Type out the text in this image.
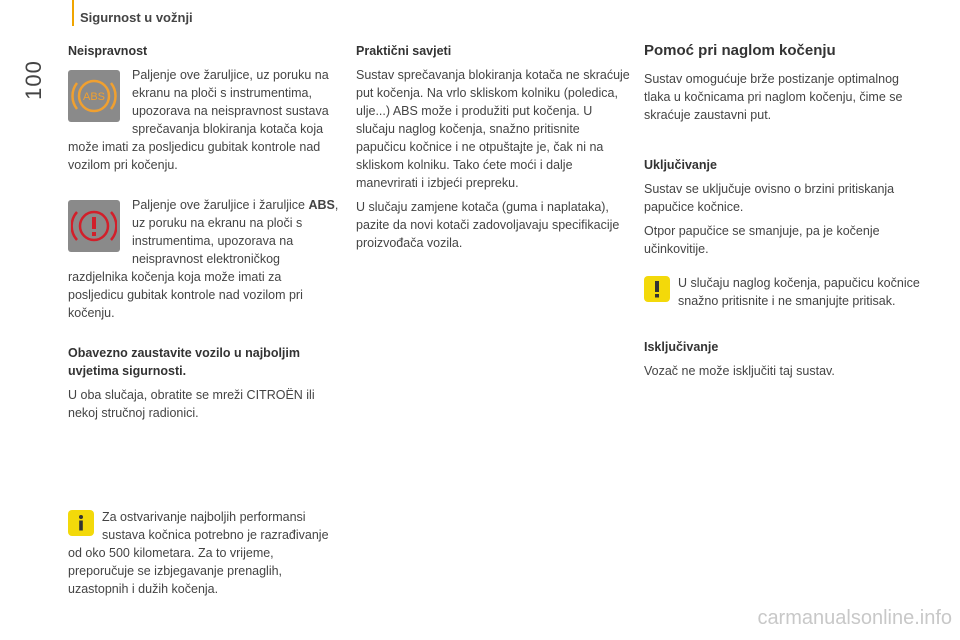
100
Sigurnost u vožnji
Neispravnost
ABS

Paljenje ove žaruljice, uz poruku na ekranu na ploči s instrumentima, upozorava na neispravnost sustava sprečavanja blokiranja kotača koja može imati za posljedicu gubitak kontrole nad vozilom pri kočenju.

Paljenje ove žaruljice i žaruljice ABS, uz poruku na ekranu na ploči s instrumentima, upozorava na neispravnost elektroničkog razdjelnika kočenja koja može imati za posljedicu gubitak kontrole nad vozilom pri kočenju.

Obavezno zaustavite vozilo u najboljim uvjetima sigurnosti.

U oba slučaja, obratite se mreži CITROËN ili nekoj stručnoj radionici.

Za ostvarivanje najboljih performansi sustava kočnica potrebno je razrađivanje od oko 500 kilometara. Za to vrijeme, preporučuje se izbjegavanje prenaglih, uzastopnih i dužih kočenja.

Praktični savjeti

Sustav sprečavanja blokiranja kotača ne skraćuje put kočenja. Na vrlo skliskom kolniku (poledica, ulje...) ABS može i produžiti put kočenja. U slučaju naglog kočenja, snažno pritisnite papučicu kočnice i ne otpuštajte je, čak ni na skliskom kolniku. Tako ćete moći i dalje manevrirati i izbjeći prepreku.

U slučaju zamjene kotača (guma i naplataka), pazite da novi kotači zadovoljavaju specifikacije proizvođača vozila.

Pomoć pri naglom kočenju

Sustav omogućuje brže postizanje optimalnog tlaka u kočnicama pri naglom kočenju, čime se skraćuje zaustavni put.

Uključivanje

Sustav se uključuje ovisno o brzini pritiskanja papučice kočnice.

Otpor papučice se smanjuje, pa je kočenje učinkovitije.

U slučaju naglog kočenja, papučicu kočnice snažno pritisnite i ne smanjujte pritisak.

Isključivanje

Vozač ne može isključiti taj sustav.

carmanualsonline.info
